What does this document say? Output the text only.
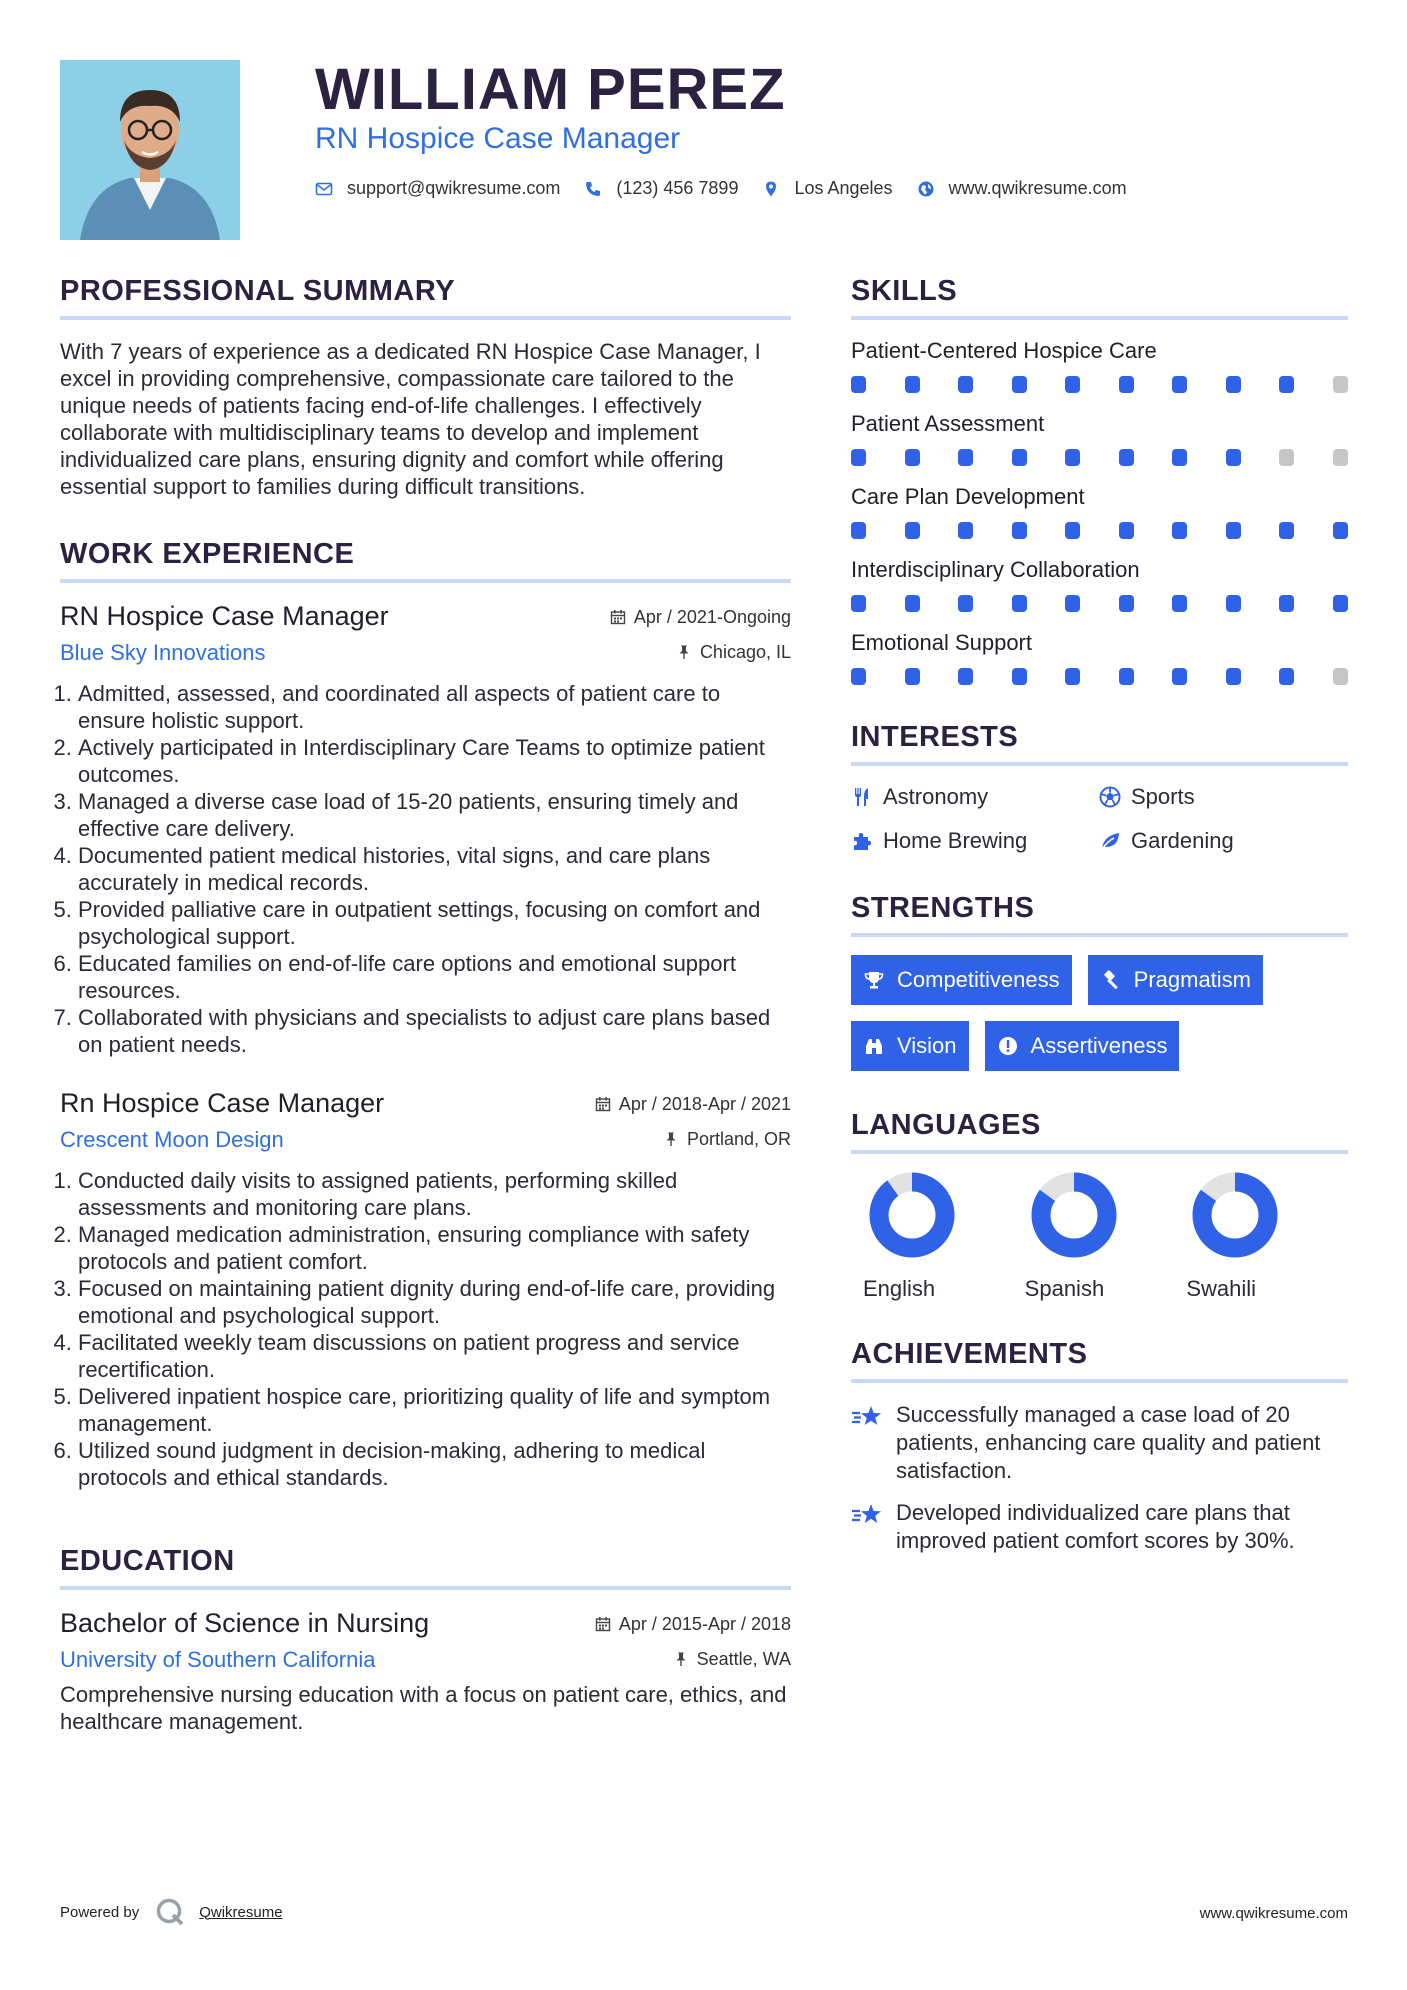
WILLIAM PEREZ
RN Hospice Case Manager
support@qwikresume.com	(123) 456 7899	Los Angeles	www.qwikresume.com
PROFESSIONAL SUMMARY

With 7 years of experience as a dedicated RN Hospice Case Manager, I excel in providing comprehensive, compassionate care tailored to the unique needs of patients facing end-of-life challenges. I effectively collaborate with multidisciplinary teams to develop and implement individualized care plans, ensuring dignity and comfort while offering essential support to families during difficult transitions.

WORK EXPERIENCE
RN Hospice Case Manager	Apr / 2021-Ongoing
Blue Sky Innovations	Chicago, IL
1. Admitted, assessed, and coordinated all aspects of patient care to ensure holistic support.
2. Actively participated in Interdisciplinary Care Teams to optimize patient outcomes.
3. Managed a diverse case load of 15-20 patients, ensuring timely and effective care delivery.
4. Documented patient medical histories, vital signs, and care plans accurately in medical records.
5. Provided palliative care in outpatient settings, focusing on comfort and psychological support.
6. Educated families on end-of-life care options and emotional support resources.
7. Collaborated with physicians and specialists to adjust care plans based on patient needs.
Rn Hospice Case Manager	Apr / 2018-Apr / 2021
Crescent Moon Design	Portland, OR
1. Conducted daily visits to assigned patients, performing skilled assessments and monitoring care plans.
2. Managed medication administration, ensuring compliance with safety protocols and patient comfort.
3. Focused on maintaining patient dignity during end-of-life care, providing emotional and psychological support.
4. Facilitated weekly team discussions on patient progress and service recertification.
5. Delivered inpatient hospice care, prioritizing quality of life and symptom management.
6. Utilized sound judgment in decision-making, adhering to medical protocols and ethical standards.
EDUCATION
Bachelor of Science in Nursing	Apr / 2015-Apr / 2018
University of Southern California	Seattle, WA

Comprehensive nursing education with a focus on patient care, ethics, and healthcare management.

SKILLS
Patient-Centered Hospice Care
Patient Assessment
Care Plan Development
Interdisciplinary Collaboration
Emotional Support
INTERESTS
Astronomy	Sports
Home Brewing	Gardening
STRENGTHS
Competitiveness	Pragmatism
Vision	Assertiveness
LANGUAGES
English	Spanish	Swahili
ACHIEVEMENTS
Successfully managed a case load of 20 patients, enhancing care quality and patient satisfaction.
Developed individualized care plans that improved patient comfort scores by 30%.
Powered by	Qwikresume	www.qwikresume.com
